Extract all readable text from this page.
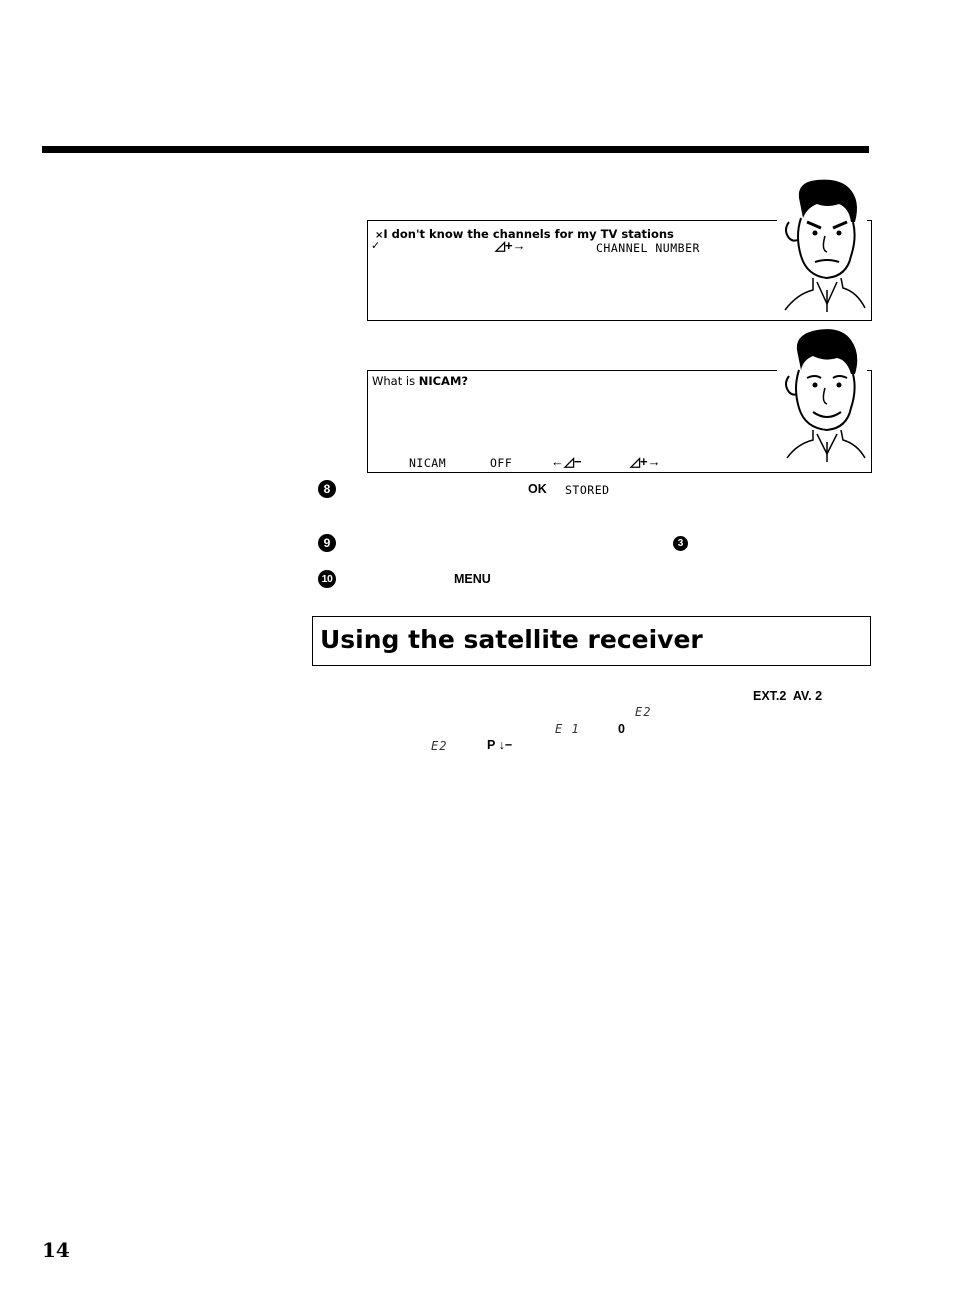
×I don't know the channels for my TV stations
✓	◿+→	CHANNEL NUMBER
What is NICAM?
NICAM	OFF	←◿−	◿+→
8	OK STORED
9	3
10	MENU
Using the satellite receiver
EXT.2  AV. 2
E2
E 1	0
E2	P ↓−
14
